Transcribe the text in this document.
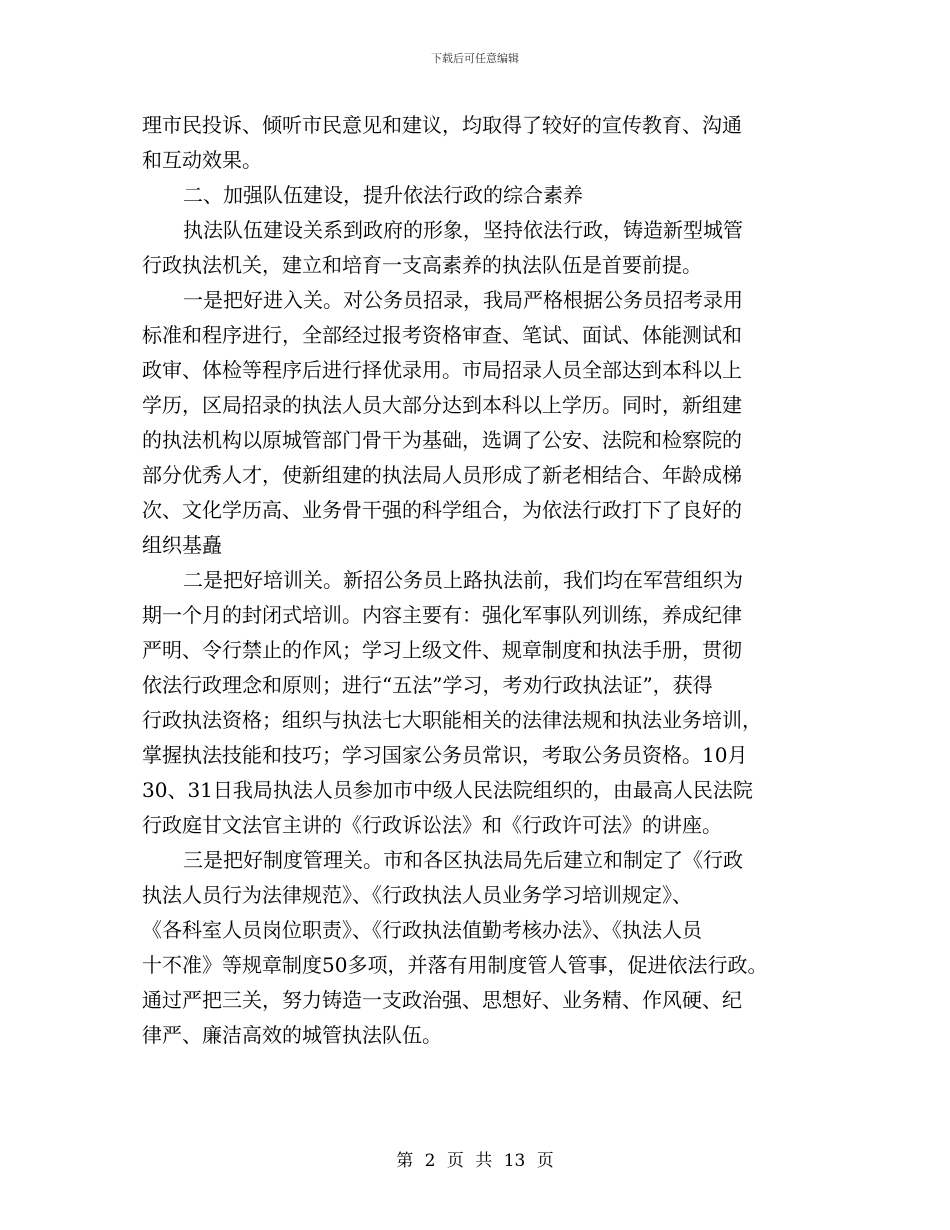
下载后可任意编辑
理市民投诉、倾听市民意见和建议，均取得了较好的宣传教育、沟通
和互动效果。
二、加强队伍建设，提升依法行政的综合素养
执法队伍建设关系到政府的形象，坚持依法行政，铸造新型城管
行政执法机关，建立和培育一支高素养的执法队伍是首要前提。
一是把好进入关。对公务员招录，我局严格根据公务员招考录用
标准和程序进行，全部经过报考资格审查、笔试、面试、体能测试和
政审、体检等程序后进行择优录用。市局招录人员全部达到本科以上
学历，区局招录的执法人员大部分达到本科以上学历。同时，新组建
的执法机构以原城管部门骨干为基础，选调了公安、法院和检察院的
部分优秀人才，使新组建的执法局人员形成了新老相结合、年龄成梯
次、文化学历高、业务骨干强的科学组合，为依法行政打下了良好的
组织基矗
二是把好培训关。新招公务员上路执法前，我们均在军营组织为
期一个月的封闭式培训。内容主要有：强化军事队列训练，养成纪律
严明、令行禁止的作风；学习上级文件、规章制度和执法手册，贯彻
依法行政理念和原则；进行“五法”学习，考劝行政执法证”，获得
行政执法资格；组织与执法七大职能相关的法律法规和执法业务培训，
掌握执法技能和技巧；学习国家公务员常识，考取公务员资格。10月
30、31日我局执法人员参加市中级人民法院组织的，由最高人民法院
行政庭甘文法官主讲的《行政诉讼法》和《行政许可法》的讲座。
三是把好制度管理关。市和各区执法局先后建立和制定了《行政
执法人员行为法律规范》、《行政执法人员业务学习培训规定》、
《各科室人员岗位职责》、《行政执法值勤考核办法》、《执法人员
十不准》等规章制度50多项，并落有用制度管人管事，促进依法行政。
通过严把三关，努力铸造一支政治强、思想好、业务精、作风硬、纪
律严、廉洁高效的城管执法队伍。
第 2 页 共 13 页
